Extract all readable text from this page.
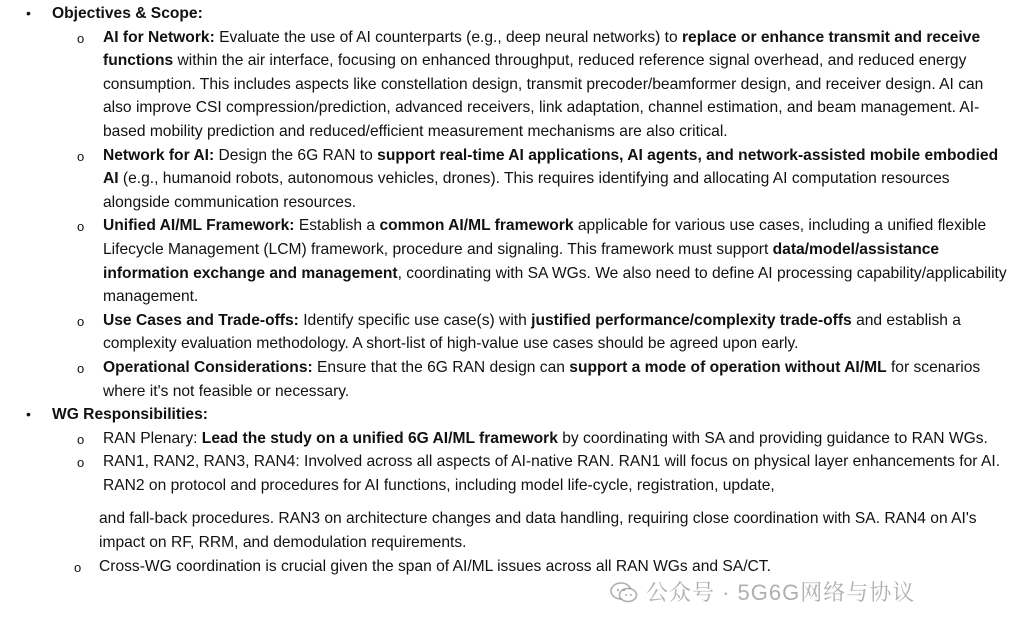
• Objectives & Scope:
o AI for Network: Evaluate the use of AI counterparts (e.g., deep neural networks) to replace or enhance transmit and receive functions within the air interface, focusing on enhanced throughput, reduced reference signal overhead, and reduced energy consumption. This includes aspects like constellation design, transmit precoder/beamformer design, and receiver design. AI can also improve CSI compression/prediction, advanced receivers, link adaptation, channel estimation, and beam management. AI-based mobility prediction and reduced/efficient measurement mechanisms are also critical.
o Network for AI: Design the 6G RAN to support real-time AI applications, AI agents, and network-assisted mobile embodied AI (e.g., humanoid robots, autonomous vehicles, drones). This requires identifying and allocating AI computation resources alongside communication resources.
o Unified AI/ML Framework: Establish a common AI/ML framework applicable for various use cases, including a unified flexible Lifecycle Management (LCM) framework, procedure and signaling. This framework must support data/model/assistance information exchange and management, coordinating with SA WGs. We also need to define AI processing capability/applicability management.
o Use Cases and Trade-offs: Identify specific use case(s) with justified performance/complexity trade-offs and establish a complexity evaluation methodology. A short-list of high-value use cases should be agreed upon early.
o Operational Considerations: Ensure that the 6G RAN design can support a mode of operation without AI/ML for scenarios where it's not feasible or necessary.
• WG Responsibilities:
o RAN Plenary: Lead the study on a unified 6G AI/ML framework by coordinating with SA and providing guidance to RAN WGs.
o RAN1, RAN2, RAN3, RAN4: Involved across all aspects of AI-native RAN. RAN1 will focus on physical layer enhancements for AI. RAN2 on protocol and procedures for AI functions, including model life-cycle, registration, update,
and fall-back procedures. RAN3 on architecture changes and data handling, requiring close coordination with SA. RAN4 on AI's impact on RF, RRM, and demodulation requirements.
o Cross-WG coordination is crucial given the span of AI/ML issues across all RAN WGs and SA/CT.
公众号 · 5G6G网络与协议
